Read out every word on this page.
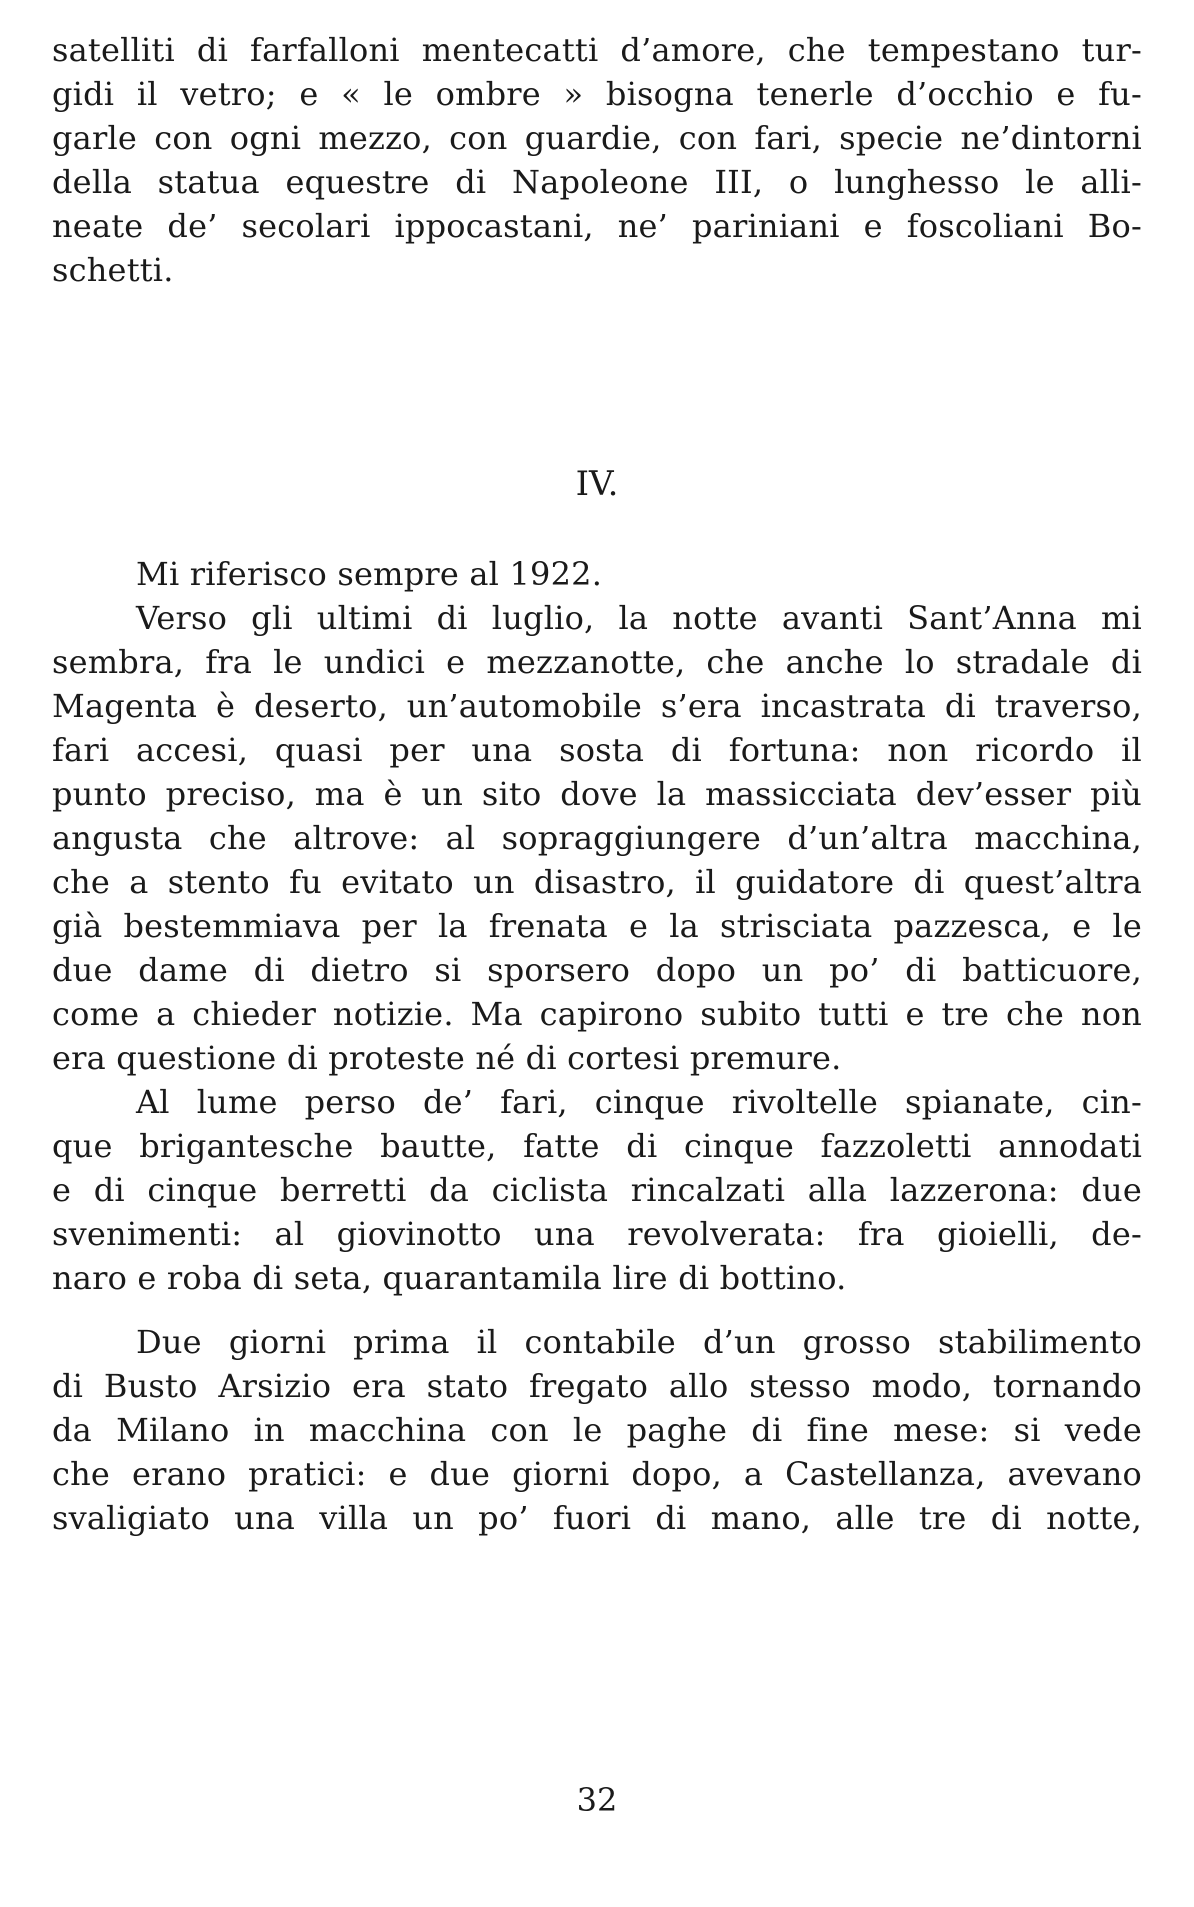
satelliti di farfalloni mentecatti d’amore, che tempestano tur-
gidi il vetro; e « le ombre » bisogna tenerle d’occhio e fu-
garle con ogni mezzo, con guardie, con fari, specie ne’dintorni
della statua equestre di Napoleone III, o lunghesso le alli-
neate de’ secolari ippocastani, ne’ pariniani e foscoliani Bo-
schetti.
IV.
Mi riferisco sempre al 1922.
Verso gli ultimi di luglio, la notte avanti Sant’Anna mi
sembra, fra le undici e mezzanotte, che anche lo stradale di
Magenta è deserto, un’automobile s’era incastrata di traverso,
fari accesi, quasi per una sosta di fortuna: non ricordo il
punto preciso, ma è un sito dove la massicciata dev’esser più
angusta che altrove: al sopraggiungere d’un’altra macchina,
che a stento fu evitato un disastro, il guidatore di quest’altra
già bestemmiava per la frenata e la strisciata pazzesca, e le
due dame di dietro si sporsero dopo un po’ di batticuore,
come a chieder notizie. Ma capirono subito tutti e tre che non
era questione di proteste né di cortesi premure.
Al lume perso de’ fari, cinque rivoltelle spianate, cin-
que brigantesche bautte, fatte di cinque fazzoletti annodati
e di cinque berretti da ciclista rincalzati alla lazzerona: due
svenimenti: al giovinotto una revolverata: fra gioielli, de-
naro e roba di seta, quarantamila lire di bottino.
Due giorni prima il contabile d’un grosso stabilimento
di Busto Arsizio era stato fregato allo stesso modo, tornando
da Milano in macchina con le paghe di fine mese: si vede
che erano pratici: e due giorni dopo, a Castellanza, avevano
svaligiato una villa un po’ fuori di mano, alle tre di notte,
32
